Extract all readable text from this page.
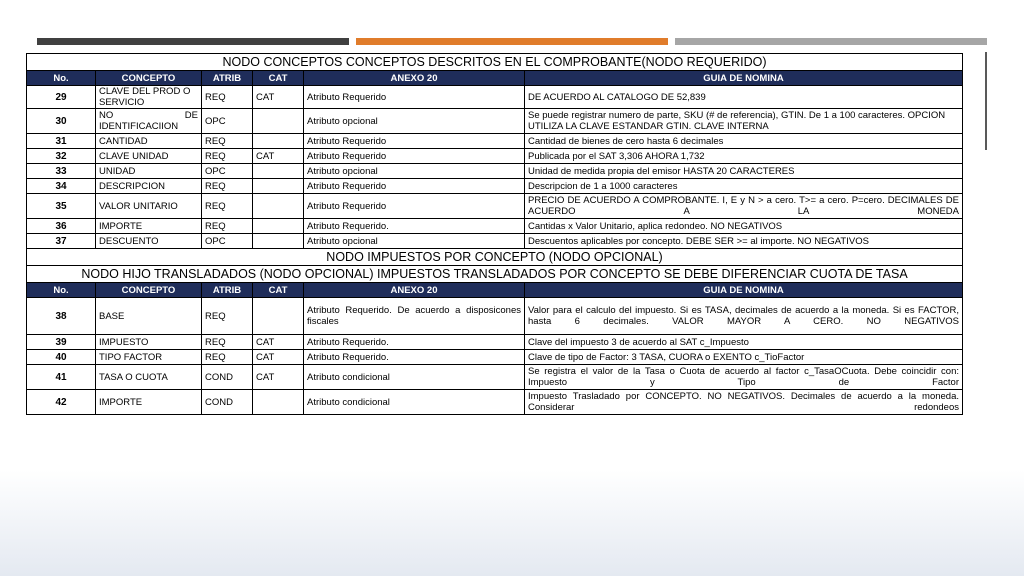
NODO CONCEPTOS CONCEPTOS DESCRITOS EN EL COMPROBANTE(NODO REQUERIDO)					
No.	CONCEPTO	ATRIB	CAT	ANEXO 20	GUIA DE NOMINA
29	CLAVE DEL PROD O SERVICIO	REQ	CAT	Atributo Requerido	DE ACUERDO AL CATALOGO DE 52,839
30	NO DE IDENTIFICACIION	OPC		Atributo opcional	Se puede registrar numero de parte, SKU (# de referencia), GTIN. De 1 a 100 caracteres. OPCION UTILIZA LA CLAVE ESTANDAR GTIN. CLAVE INTERNA
31	CANTIDAD	REQ		Atributo Requerido	Cantidad de bienes de cero hasta 6 decimales
32	CLAVE UNIDAD	REQ	CAT	Atributo Requerido	Publicada por el SAT 3,306 AHORA 1,732
33	UNIDAD	OPC		Atributo opcional	Unidad de medida propia del emisor HASTA 20 CARACTERES
34	DESCRIPCION	REQ		Atributo Requerido	Descripcion de 1 a 1000 caracteres
35	VALOR UNITARIO	REQ		Atributo Requerido	PRECIO DE ACUERDO A COMPROBANTE. I, E y N > a cero. T>= a cero. P=cero. DECIMALES DE ACUERDO A LA MONEDA
36	IMPORTE	REQ		Atributo Requerido.	Cantidas x Valor Unitario, aplica redondeo. NO NEGATIVOS
37	DESCUENTO	OPC		Atributo opcional	Descuentos aplicables por concepto. DEBE SER >= al importe. NO NEGATIVOS
NODO IMPUESTOS POR CONCEPTO (NODO OPCIONAL)					
NODO HIJO TRANSLADADOS (NODO OPCIONAL) IMPUESTOS TRANSLADADOS POR CONCEPTO SE DEBE DIFERENCIAR CUOTA DE TASA					
No.	CONCEPTO	ATRIB	CAT	ANEXO 20	GUIA DE NOMINA
38	BASE	REQ		Atributo Requerido. De acuerdo a disposicones fiscales	Valor para el calculo del impuesto. Si es TASA, decimales de acuerdo a la moneda. Si es FACTOR, hasta 6 decimales. VALOR MAYOR A CERO. NO NEGATIVOS
39	IMPUESTO	REQ	CAT	Atributo Requerido.	Clave del impuesto 3 de acuerdo al SAT c_Impuesto
40	TIPO FACTOR	REQ	CAT	Atributo Requerido.	Clave de tipo de Factor: 3 TASA, CUORA o EXENTO c_TioFactor
41	TASA O CUOTA	COND	CAT	Atributo condicional	Se registra el valor de la Tasa o Cuota de acuerdo al factor c_TasaOCuota. Debe coincidir con: Impuesto y Tipo de Factor
42	IMPORTE	COND		Atributo condicional	Impuesto Trasladado por CONCEPTO. NO NEGATIVOS. Decimales de acuerdo a la moneda. Considerar redondeos
